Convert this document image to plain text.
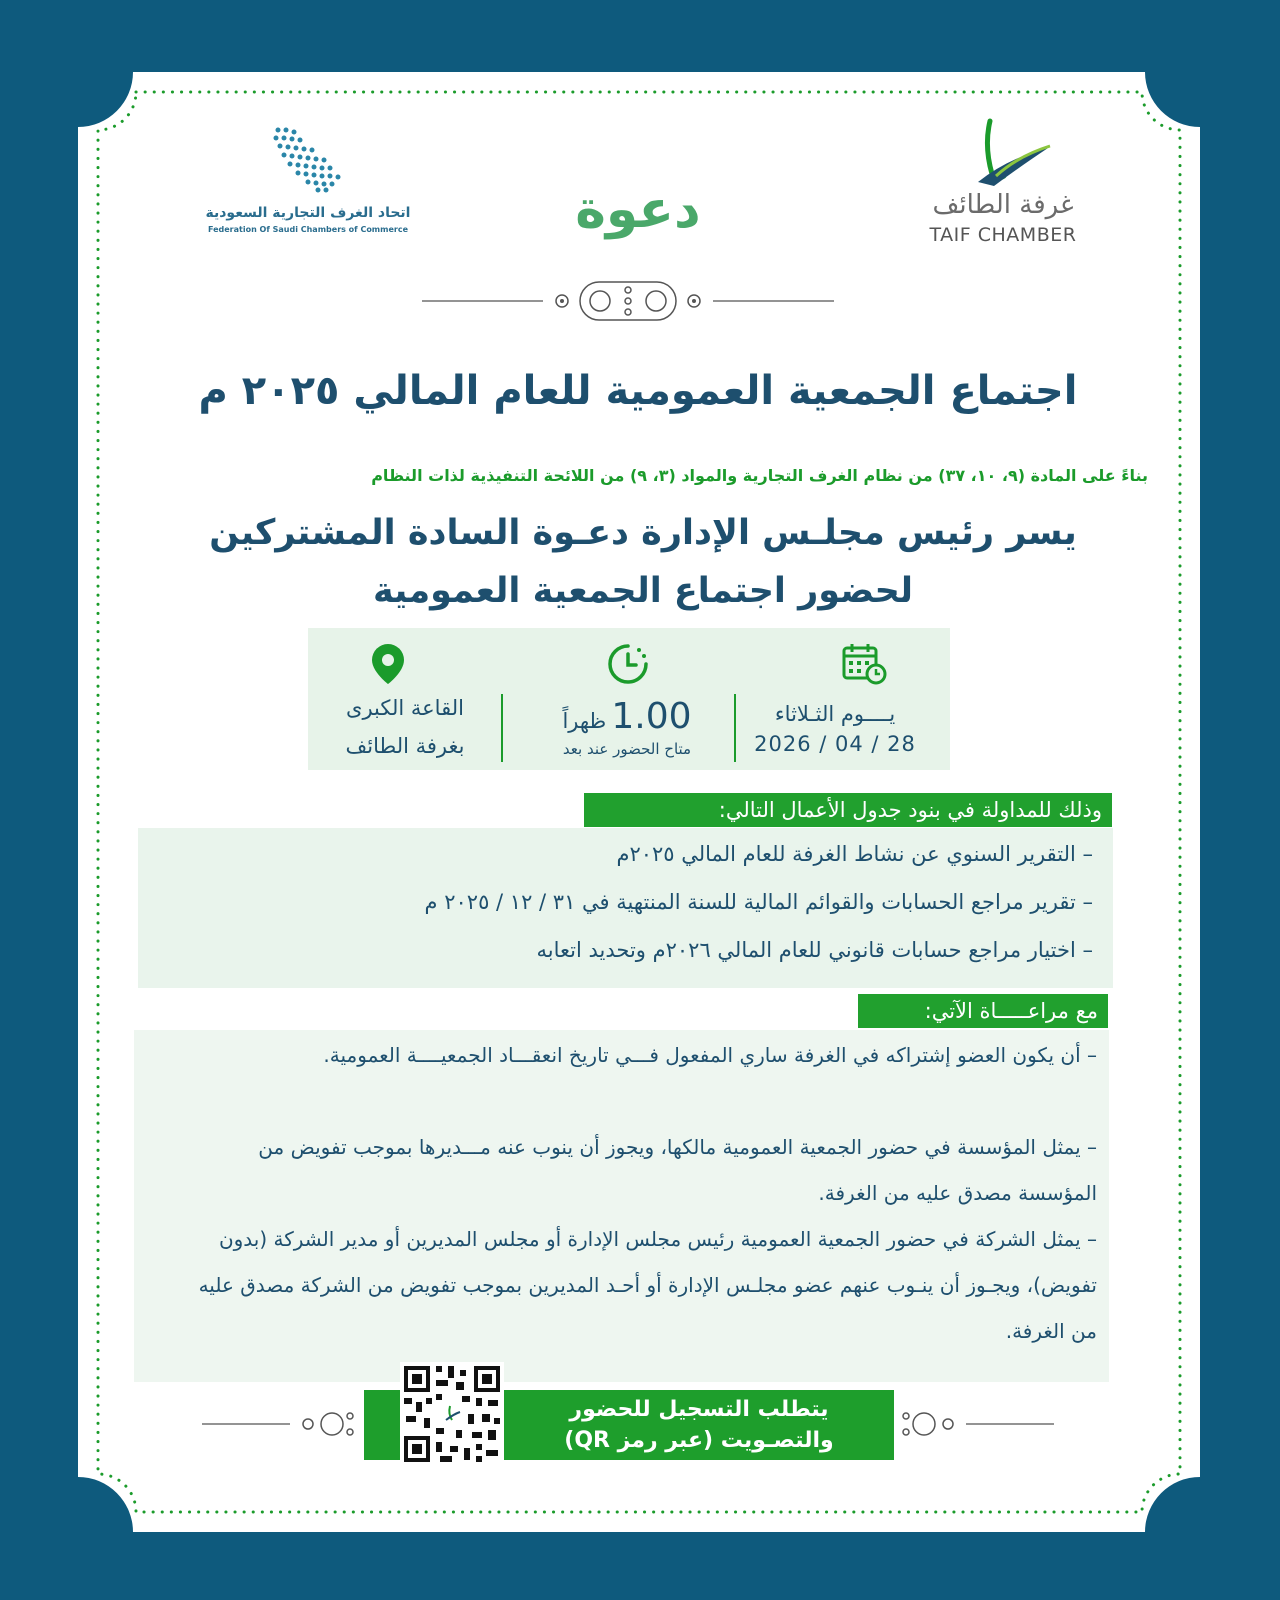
غرفة الطائف
TAIF CHAMBER
اتحاد الغرف التجارية السعودية
Federation Of Saudi Chambers of Commerce	دعوة
اجتماع الجمعية العمومية للعام المالي ٢٠٢٥ م
بناءً على المادة (٩، ١٠، ٣٧) من نظام الغرف التجارية والمواد (٣، ٩) من اللائحة التنفيذية لذات النظام
يسر رئيس مجلـس الإدارة دعـوة السادة المشتركين
لحضور اجتماع الجمعية العمومية
يــــوم الثـلاثاء
2026 / 04 / 28
1.00 ظهراً
متاح الحضور عند بعد
القاعة الكبرى
بغرفة الطائف
وذلك للمداولة في بنود جدول الأعمال التالي:
– التقرير السنوي عن نشاط الغرفة للعام المالي ٢٠٢٥م
– تقرير مراجع الحسابات والقوائم المالية للسنة المنتهية في ٣١ / ١٢ / ٢٠٢٥ م
– اختيار مراجع حسابات قانوني للعام المالي ٢٠٢٦م وتحديد اتعابه
مع مراعـــــاة الآتي:
– أن يكون العضو إشتراكه في الغرفة ساري المفعول فـــي تاريخ انعقـــاد الجمعيــــة العمومية.
– يمثل المؤسسة في حضور الجمعية العمومية مالكها، ويجوز أن ينوب عنه مـــديرها بموجب تفويض من المؤسسة مصدق عليه من الغرفة.
– يمثل الشركة في حضور الجمعية العمومية رئيس مجلس الإدارة أو مجلس المديرين أو مدير الشركة (بدون تفويض)، ويجـوز أن ينـوب عنهم عضو مجلـس الإدارة أو أحـد المديرين بموجب تفويض من الشركة مصدق عليه من الغرفة.
يتطلب التسجيل للحضور
والتصـويت (عبر رمز QR)
